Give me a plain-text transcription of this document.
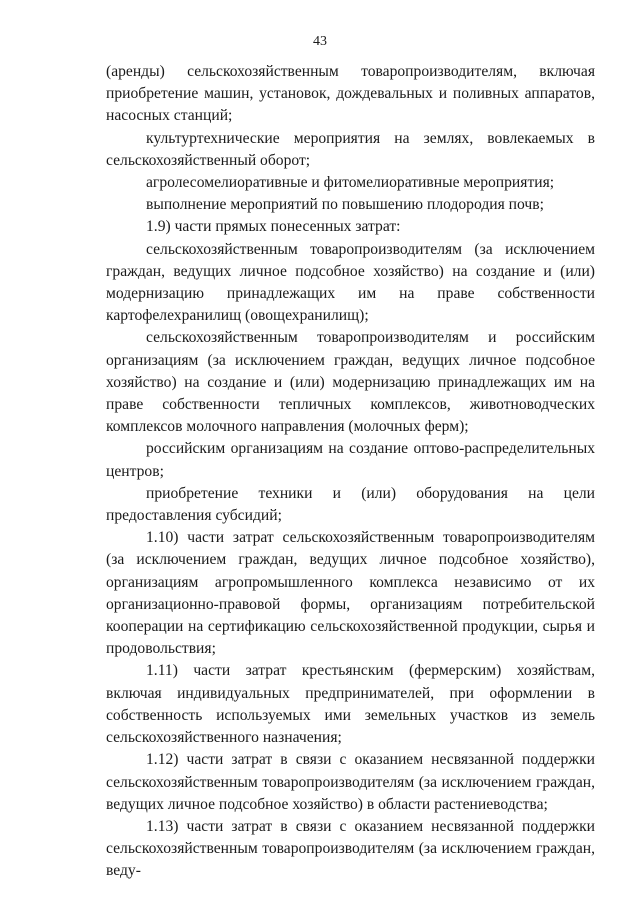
43

(аренды) сельскохозяйственным товаропроизводителям, включая приобретение машин, установок, дождевальных и поливных аппаратов, насосных станций;

культуртехнические мероприятия на землях, вовлекаемых в сельскохозяйственный оборот;

агролесомелиоративные и фитомелиоративные мероприятия;

выполнение мероприятий по повышению плодородия почв;

1.9) части прямых понесенных затрат:

сельскохозяйственным товаропроизводителям (за исключением граждан, ведущих личное подсобное хозяйство) на создание и (или) модернизацию принадлежащих им на праве собственности картофелехранилищ (овощехранилищ);

сельскохозяйственным товаропроизводителям и российским организациям (за исключением граждан, ведущих личное подсобное хозяйство) на создание и (или) модернизацию принадлежащих им на праве собственности тепличных комплексов, животноводческих комплексов молочного направления (молочных ферм);

российским организациям на создание оптово-распределительных центров;

приобретение техники и (или) оборудования на цели предоставления субсидий;

1.10) части затрат сельскохозяйственным товаропроизводителям (за исключением граждан, ведущих личное подсобное хозяйство), организациям агропромышленного комплекса независимо от их организационно-правовой формы, организациям потребительской кооперации на сертификацию сельскохозяйственной продукции, сырья и продовольствия;

1.11) части затрат крестьянским (фермерским) хозяйствам, включая индивидуальных предпринимателей, при оформлении в собственность используемых ими земельных участков из земель сельскохозяйственного назначения;

1.12) части затрат в связи с оказанием несвязанной поддержки сельскохозяйственным товаропроизводителям (за исключением граждан, ведущих личное подсобное хозяйство) в области растениеводства;

1.13) части затрат в связи с оказанием несвязанной поддержки сельскохозяйственным товаропроизводителям (за исключением граждан, веду-
